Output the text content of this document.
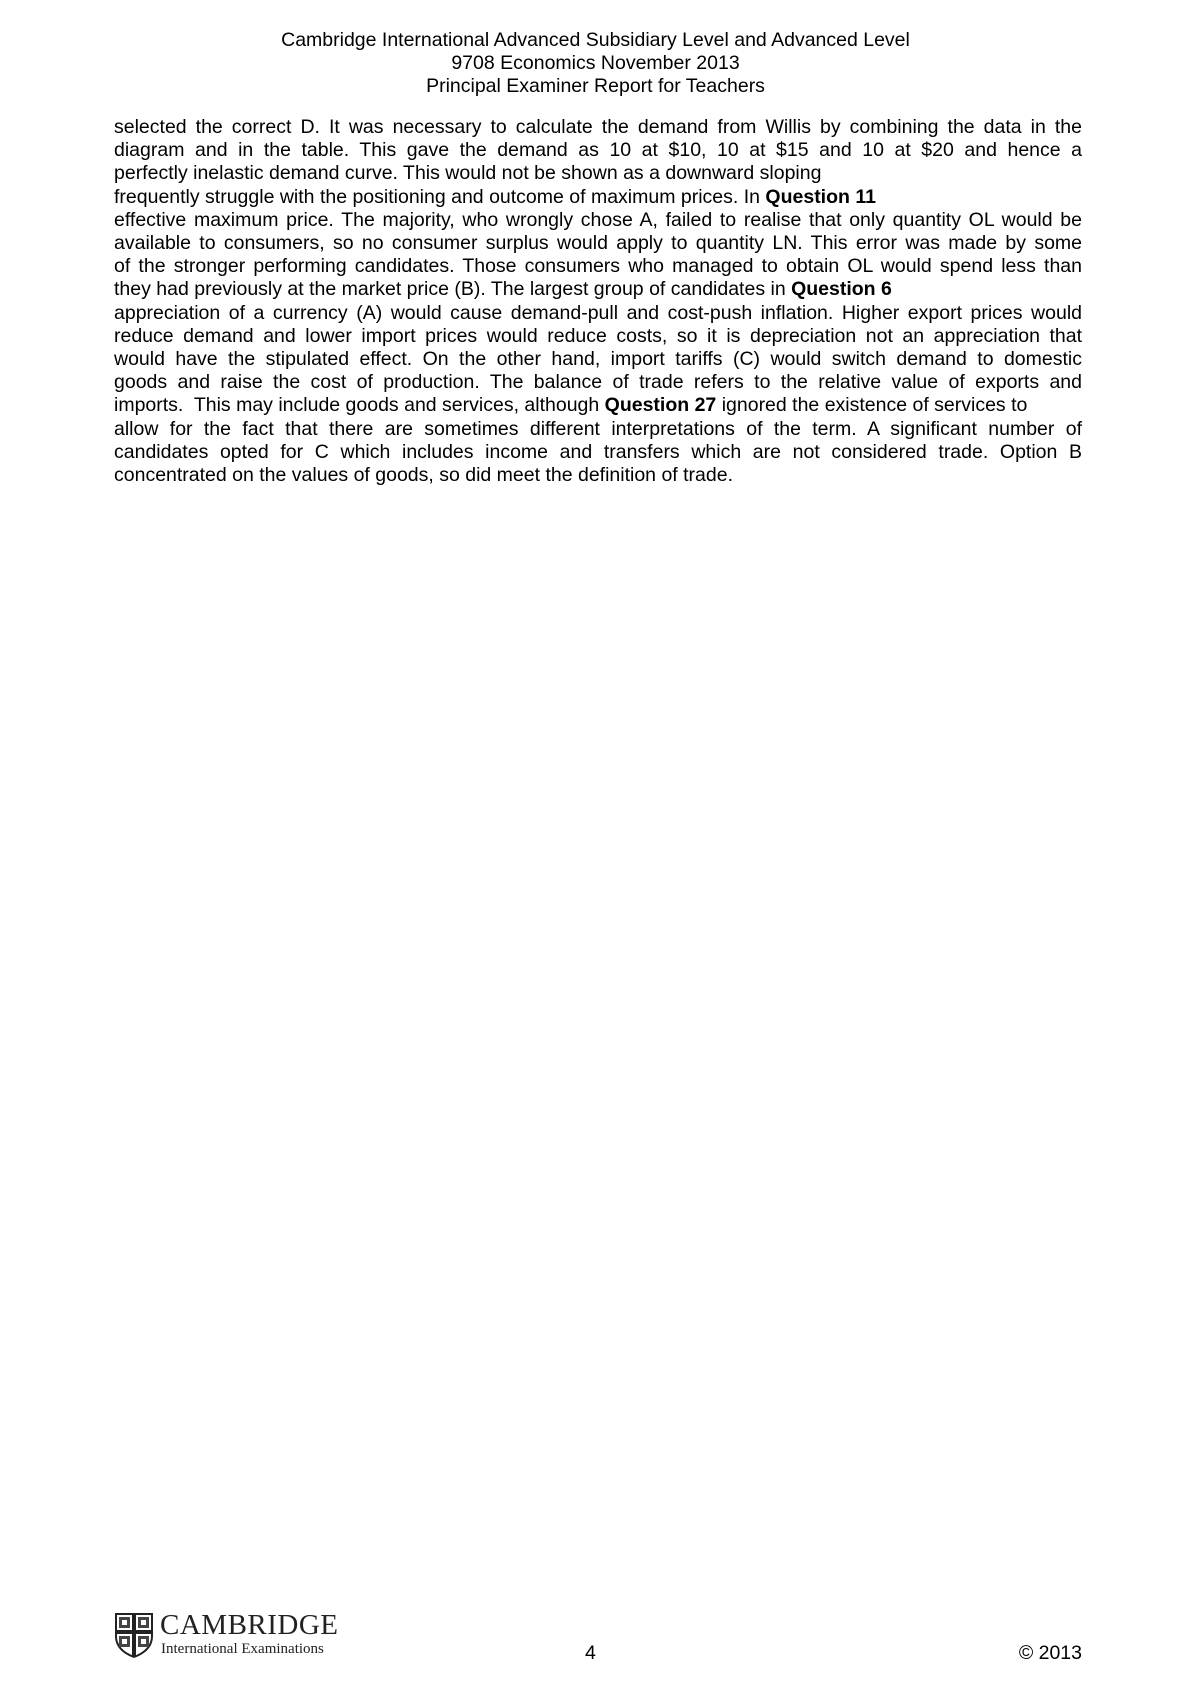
Cambridge International Advanced Subsidiary Level and Advanced Level
9708 Economics November 2013
Principal Examiner Report for Teachers
selected the correct D. It was necessary to calculate the demand from Willis by combining the data in the
diagram and in the table. This gave the demand as 10 at $10, 10 at $15 and 10 at $20 and hence a
perfectly inelastic demand curve. This would not be shown as a downward sloping
frequently struggle with the positioning and outcome of maximum prices. In Question 11
effective maximum price. The majority, who wrongly chose A, failed to realise that only quantity OL would be
available to consumers, so no consumer surplus would apply to quantity LN. This error was made by some
of the stronger performing candidates. Those consumers who managed to obtain OL would spend less than
they had previously at the market price (B). The largest group of candidates in Question 6
appreciation of a currency (A) would cause demand-pull and cost-push inflation. Higher export prices would
reduce demand and lower import prices would reduce costs, so it is depreciation not an appreciation that
would have the stipulated effect. On the other hand, import tariffs (C) would switch demand to domestic
goods and raise the cost of production. The balance of trade refers to the relative value of exports and
imports.  This may include goods and services, although Question 27 ignored the existence of services to
allow for the fact that there are sometimes different interpretations of the term. A significant number of
candidates opted for C which includes income and transfers which are not considered trade. Option B
concentrated on the values of goods, so did meet the definition of trade.
CAMBRIDGE
International Examinations	4	© 2013
